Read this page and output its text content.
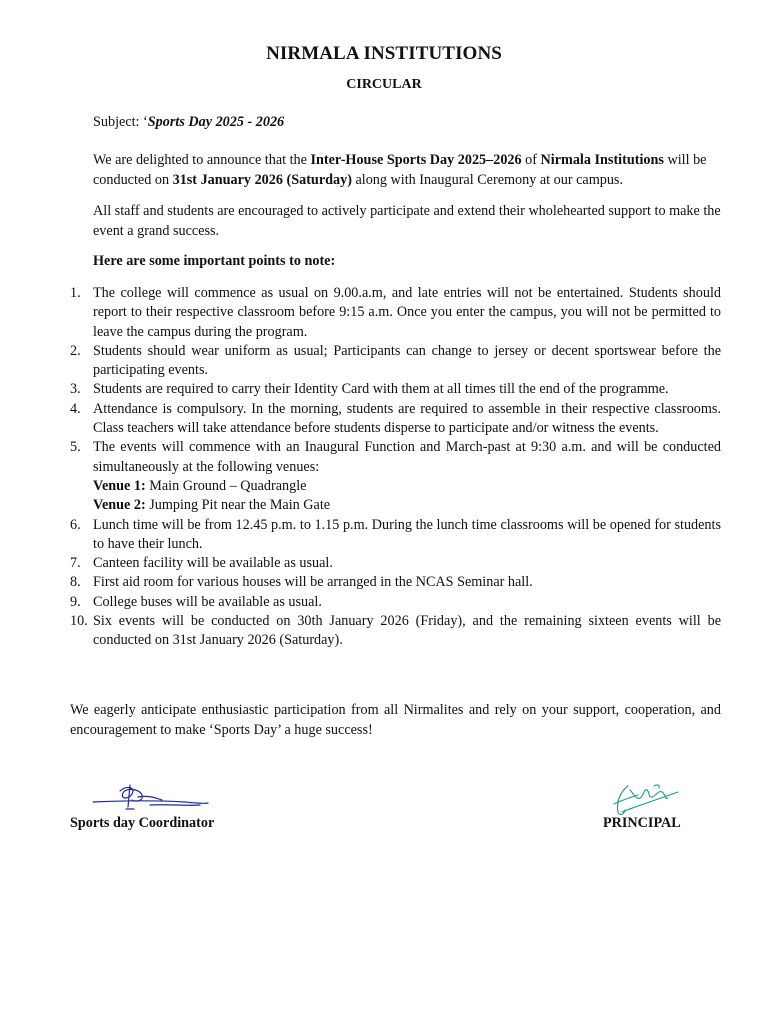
NIRMALA INSTITUTIONS
CIRCULAR
Subject: ‘Sports Day 2025 - 2026
We are delighted to announce that the Inter-House Sports Day 2025–2026 of Nirmala Institutions will be conducted on 31st January 2026 (Saturday) along with Inaugural Ceremony at our campus.
All staff and students are encouraged to actively participate and extend their wholehearted support to make the event a grand success.
Here are some important points to note:
1. The college will commence as usual on 9.00.a.m, and late entries will not be entertained. Students should report to their respective classroom before 9:15 a.m. Once you enter the campus, you will not be permitted to leave the campus during the program.
2. Students should wear uniform as usual; Participants can change to jersey or decent sportswear before the participating events.
3. Students are required to carry their Identity Card with them at all times till the end of the programme.
4. Attendance is compulsory. In the morning, students are required to assemble in their respective classrooms. Class teachers will take attendance before students disperse to participate and/or witness the events.
5. The events will commence with an Inaugural Function and March-past at 9:30 a.m. and will be conducted simultaneously at the following venues:
Venue 1: Main Ground – Quadrangle
Venue 2: Jumping Pit near the Main Gate
6. Lunch time will be from 12.45 p.m. to 1.15 p.m. During the lunch time classrooms will be opened for students to have their lunch.
7. Canteen facility will be available as usual.
8. First aid room for various houses will be arranged in the NCAS Seminar hall.
9. College buses will be available as usual.
10. Six events will be conducted on 30th January 2026 (Friday), and the remaining sixteen events will be conducted on 31st January 2026 (Saturday).
We eagerly anticipate enthusiastic participation from all Nirmalites and rely on your support, cooperation, and encouragement to make ‘Sports Day’ a huge success!
Sports day Coordinator	PRINCIPAL
